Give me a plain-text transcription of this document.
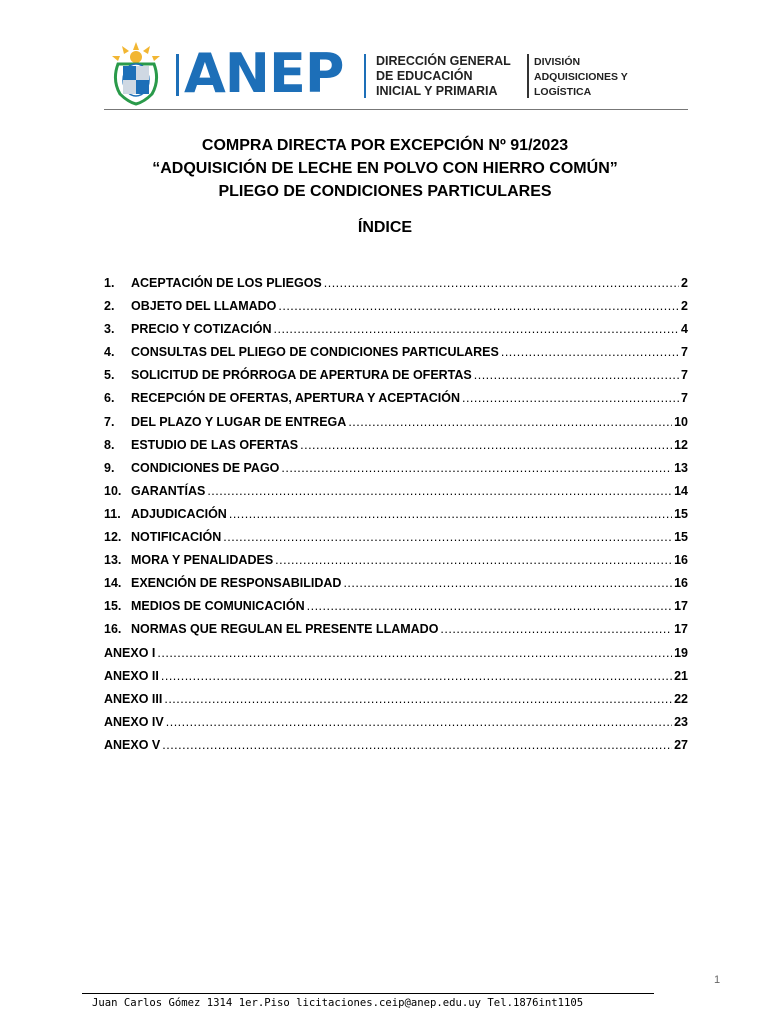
ANEP	DIRECCIÓN GENERAL
DE EDUCACIÓN
INICIAL Y PRIMARIA
DIVISIÓN
ADQUISICIONES Y
LOGÍSTICA
COMPRA DIRECTA POR EXCEPCIÓN Nº 91/2023
“ADQUISICIÓN DE LECHE EN POLVO CON HIERRO COMÚN”
PLIEGO DE CONDICIONES PARTICULARES
ÍNDICE
1.	ACEPTACIÓN DE LOS PLIEGOS .....	2
2.	OBJETO DEL LLAMADO .....	2
3.	PRECIO Y COTIZACIÓN .....	4
4.	CONSULTAS DEL PLIEGO DE CONDICIONES PARTICULARES .....	7
5.	SOLICITUD DE PRÓRROGA DE APERTURA DE OFERTAS .....	7
6.	RECEPCIÓN DE OFERTAS, APERTURA Y ACEPTACIÓN .....	7
7.	DEL PLAZO Y LUGAR DE ENTREGA .....	10
8.	ESTUDIO DE LAS OFERTAS .....	12
9.	CONDICIONES DE PAGO .....	13
10. GARANTÍAS .....	14
11. ADJUDICACIÓN .....	15
12. NOTIFICACIÓN .....	15
13. MORA Y PENALIDADES .....	16
14. EXENCIÓN DE RESPONSABILIDAD .....	16
15. MEDIOS DE COMUNICACIÓN .....	17
16. NORMAS QUE REGULAN EL PRESENTE LLAMADO .....	17
ANEXO I .....	19
ANEXO II .....	21
ANEXO III .....	22
ANEXO IV .....	23
ANEXO V .....	27
1
Juan Carlos Gómez 1314 1er.Piso licitaciones.ceip@anep.edu.uy Tel.1876int1105
